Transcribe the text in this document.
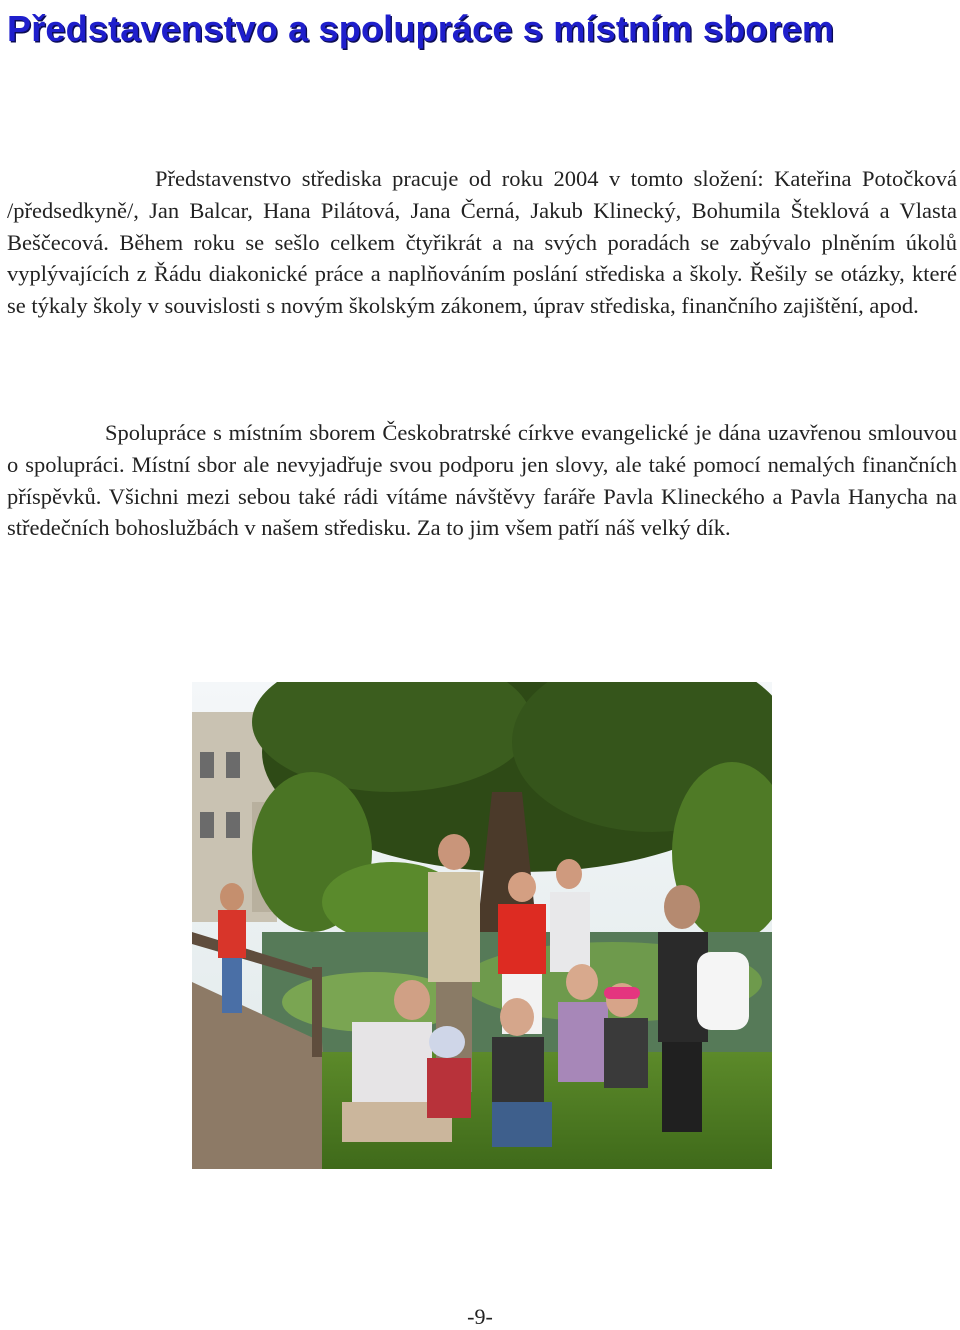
Představenstvo a spolupráce s místním sborem

Představenstvo střediska pracuje od roku 2004 v tomto složení: Kateřina Potočková /předsedkyně/, Jan Balcar, Hana Pilátová, Jana Černá, Jakub Klinecký, Bohumila Šteklová a Vlasta Beščecová. Během roku se sešlo celkem čtyřikrát a na svých poradách se zabývalo plněním úkolů vyplývajících z Řádu diakonické práce a naplňováním poslání střediska a školy. Řešily se otázky, které se týkaly školy v souvislosti s novým školským zákonem, úprav střediska, finančního zajištění, apod.

Spolupráce s místním sborem Českobratrské církve evangelické je dána uzavřenou smlouvou o spolupráci. Místní sbor ale nevyjadřuje svou podporu jen slovy, ale také pomocí nemalých finančních příspěvků. Všichni mezi sebou také rádi vítáme návštěvy faráře Pavla Klineckého a Pavla Hanycha na středečních bohoslužbách v našem středisku. Za to jim všem patří náš velký dík.

-9-
